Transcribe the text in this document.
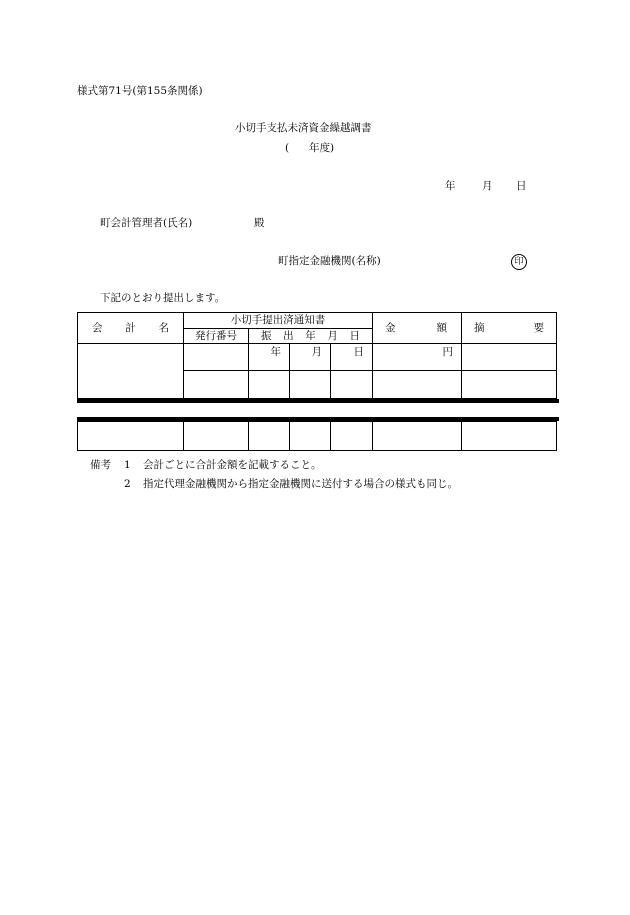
様式第71号(第155条関係)
小切手支払未済資金繰越調書
( 年度)
年	月 日
町会計管理者(氏名)	殿
町指定金融機関(名称)	印
下記のとおり提出します。
会 計 名	小切手提出済通知書				金 額	摘 要

	発行番号	振 出 年 月 日				

		年	月	日	円	

備考 1 会計ごとに合計金額を記載すること。
2 指定代理金融機関から指定金融機関に送付する場合の様式も同じ。
